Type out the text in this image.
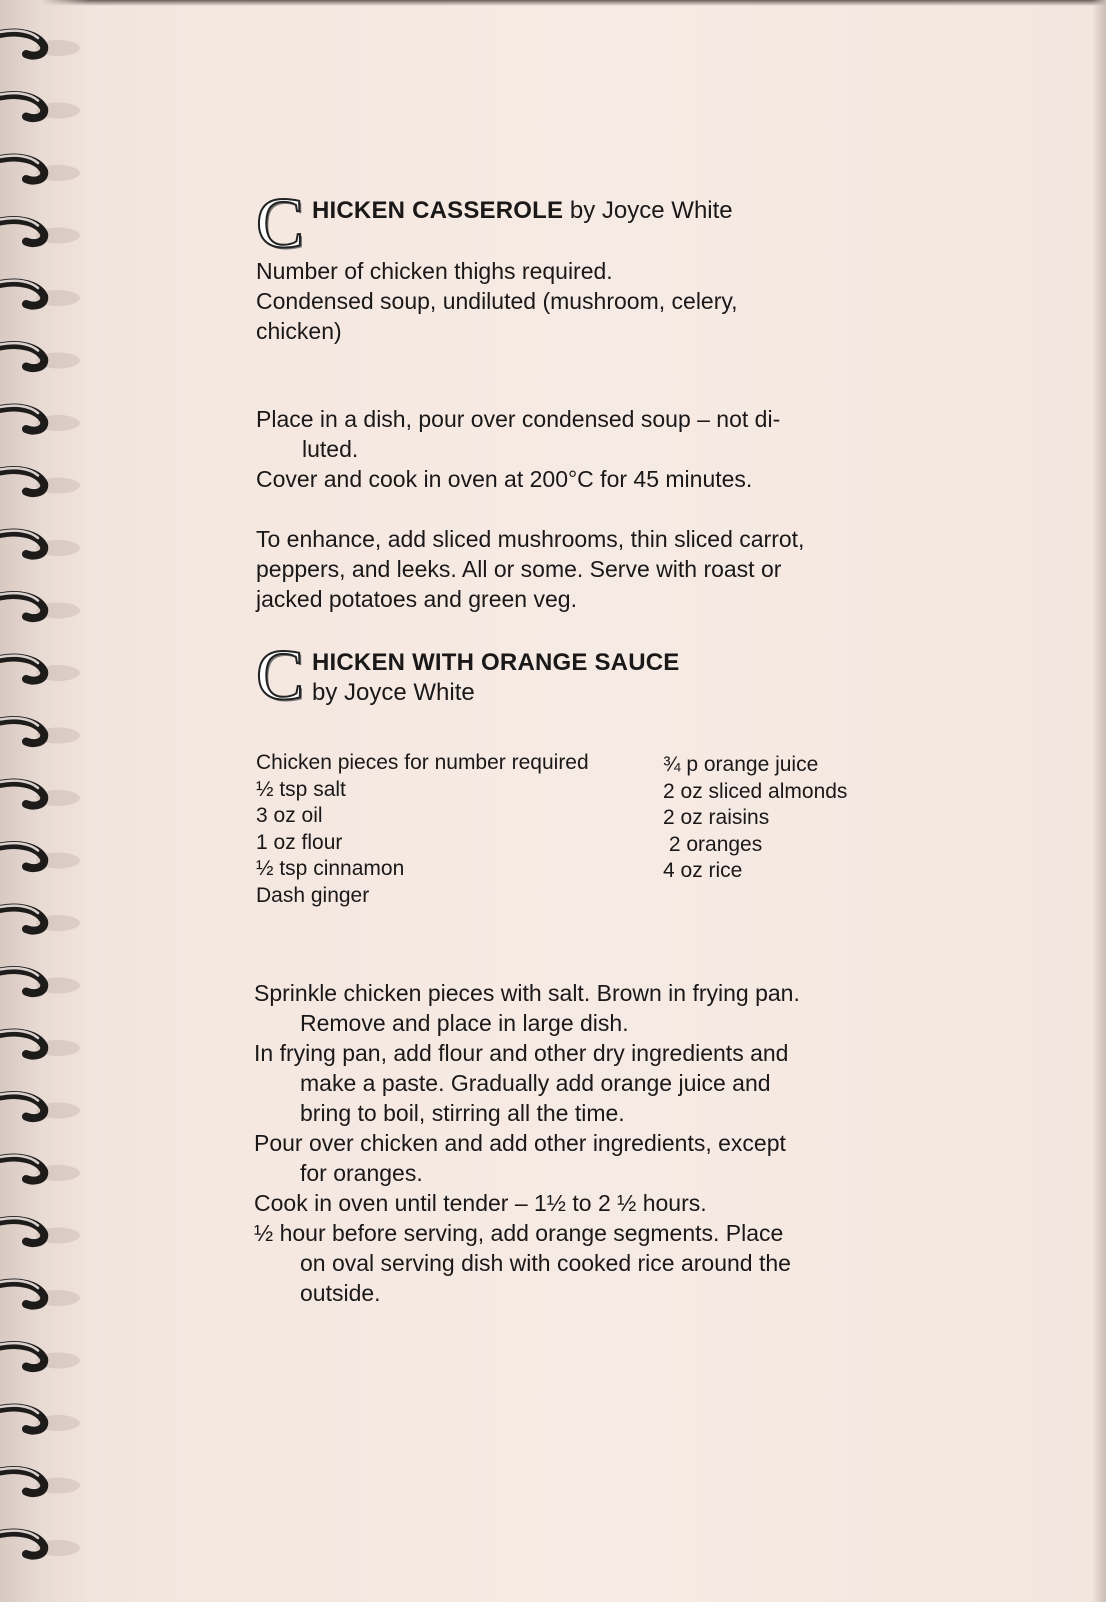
C HICKEN CASSEROLE by Joyce White

Number of chicken thighs required.

Condensed soup, undiluted (mushroom, celery,

chicken)

Place in a dish, pour over condensed soup – not di-

luted.

Cover and cook in oven at 200°C for 45 minutes.

To enhance, add sliced mushrooms, thin sliced carrot,

peppers, and leeks. All or some. Serve with roast or

jacked potatoes and green veg.

C HICKEN WITH ORANGE SAUCE
by Joyce White
Chicken pieces for number required
½ tsp salt
3 oz oil
1 oz flour
½ tsp cinnamon
Dash ginger
¾ p orange juice
2 oz sliced almonds
2 oz raisins
2 oranges
4 oz rice

Sprinkle chicken pieces with salt. Brown in frying pan.

Remove and place in large dish.

In frying pan, add flour and other dry ingredients and

make a paste. Gradually add orange juice and

bring to boil, stirring all the time.

Pour over chicken and add other ingredients, except

for oranges.

Cook in oven until tender – 1½ to 2 ½ hours.

½ hour before serving, add orange segments. Place

on oval serving dish with cooked rice around the

outside.
